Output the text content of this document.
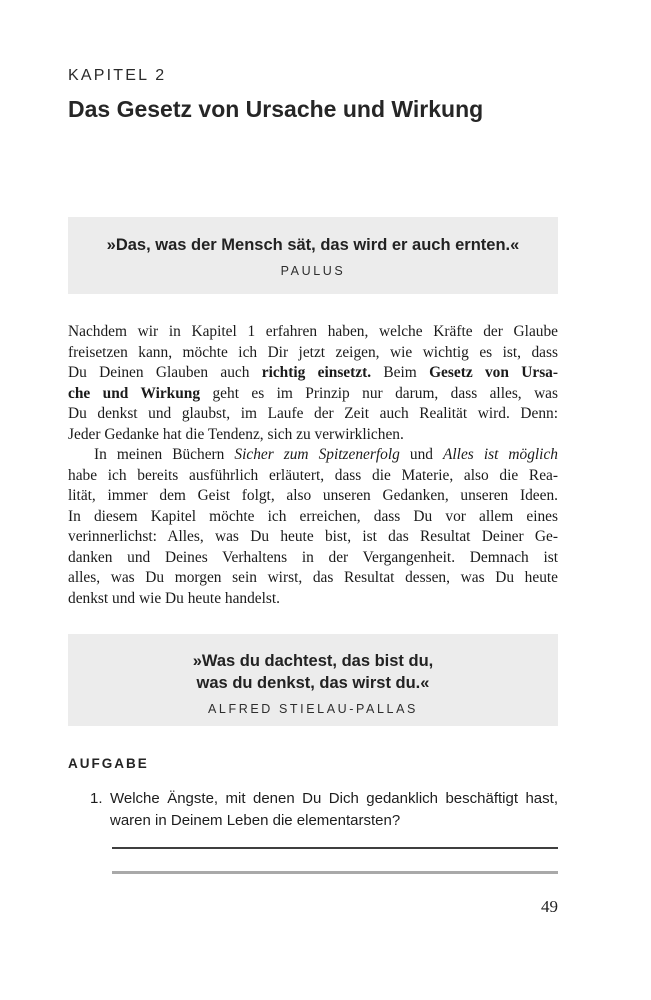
KAPITEL 2
Das Gesetz von Ursache und Wirkung
»Das, was der Mensch sät, das wird er auch ernten.«
PAULUS
Nachdem wir in Kapitel 1 erfahren haben, welche Kräfte der Glaube
freisetzen kann, möchte ich Dir jetzt zeigen, wie wichtig es ist, dass
Du Deinen Glauben auch richtig einsetzt. Beim Gesetz von Ursa-
che und Wirkung geht es im Prinzip nur darum, dass alles, was
Du denkst und glaubst, im Laufe der Zeit auch Realität wird. Denn:
Jeder Gedanke hat die Tendenz, sich zu verwirklichen.
In meinen Büchern Sicher zum Spitzenerfolg und Alles ist möglich
habe ich bereits ausführlich erläutert, dass die Materie, also die Rea-
lität, immer dem Geist folgt, also unseren Gedanken, unseren Ideen.
In diesem Kapitel möchte ich erreichen, dass Du vor allem eines
verinnerlichst: Alles, was Du heute bist, ist das Resultat Deiner Ge-
danken und Deines Verhaltens in der Vergangenheit. Demnach ist
alles, was Du morgen sein wirst, das Resultat dessen, was Du heute
denkst und wie Du heute handelst.
»Was du dachtest, das bist du,
was du denkst, das wirst du.«
ALFRED STIELAU-PALLAS
AUFGABE
1. Welche Ängste, mit denen Du Dich gedanklich beschäftigt hast,
waren in Deinem Leben die elementarsten?
49
